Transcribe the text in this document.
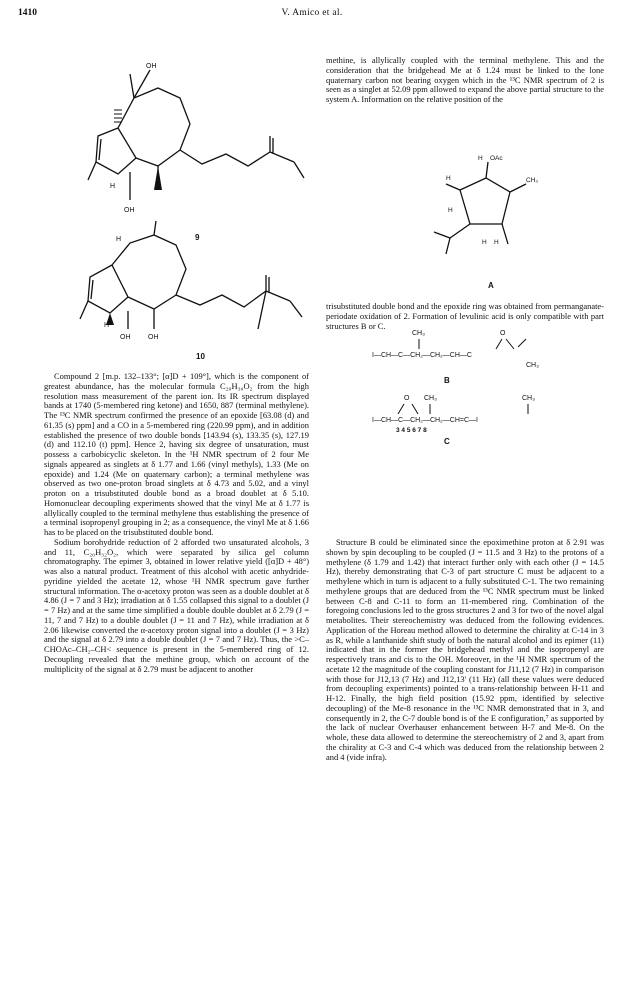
1410	V. Amico et al.
OH
H
OH
9
H
H
OH	OH
10
H OAc
H	CH₃
H
H H
A
CH₃	O
I—CH—C—CH₂—CH₂—CH—C
CH₃
B
O CH₃	CH₃
I—CH—C—CH₂—CH₂—CH=C—I
3 4 5 6 7 8
C

methine, is allylically coupled with the terminal methylene. This and the consideration that the bridgehead Me at δ 1.24 must be linked to the lone quaternary carbon not bearing oxygen which in the ¹³C NMR spectrum of 2 is seen as a singlet at 52.09 ppm allowed to expand the above partial structure to the system A. Information on the relative position of the

trisubstituted double bond and the epoxide ring was obtained from permanganate-periodate oxidation of 2. Formation of levulinic acid is only compatible with part structures B or C.

Compound 2 [m.p. 132–133°; [α]D + 109°], which is the component of greatest abundance, has the molecular formula C₂₀H₃₀O₂ from the high resolution mass measurement of the parent ion. Its IR spectrum displayed bands at 1740 (5-membered ring ketone) and 1650, 887 (terminal methylene). The ¹³C NMR spectrum confirmed the presence of an epoxide [63.08 (d) and 61.35 (s) ppm] and a CO in a 5-membered ring (220.99 ppm), and in addition established the presence of two double bonds [143.94 (s), 133.35 (s), 127.19 (d) and 112.10 (t) ppm]. Hence 2, having six degree of unsaturation, must possess a carbobicyclic skeleton. In the ¹H NMR spectrum of 2 four Me signals appeared as singlets at δ 1.77 and 1.66 (vinyl methyls), 1.33 (Me on epoxide) and 1.24 (Me on quaternary carbon); a terminal methylene was observed as two one-proton broad singlets at δ 4.73 and 5.02, and a vinyl proton on a trisubstituted double bond as a broad doublet at δ 5.10. Homonuclear decoupling experiments showed that the vinyl Me at δ 1.77 is allylically coupled to the terminal methylene thus establishing the presence of a terminal isopropenyl grouping in 2; as a consequence, the vinyl Me at δ 1.66 has to be placed on the trisubstituted double bond.

Sodium borohydride reduction of 2 afforded two unsaturated alcohols, 3 and 11, C₂₀H₃₂O₂, which were separated by silica gel column chromatography. The epimer 3, obtained in lower relative yield ([α]D + 48°) was also a natural product. Treatment of this alcohol with acetic anhydride-pyridine yielded the acetate 12, whose ¹H NMR spectrum gave further structural information. The α-acetoxy proton was seen as a double doublet at δ 4.86 (J = 7 and 3 Hz); irradiation at δ 1.55 collapsed this signal to a doublet (J = 7 Hz) and at the same time simplified a double double doublet at δ 2.79 (J = 11, 7 and 7 Hz) to a double doublet (J = 11 and 7 Hz), while irradiation at δ 2.06 likewise converted the α-acetoxy proton signal into a doublet (J = 3 Hz) and the signal at δ 2.79 into a double doublet (J = 7 and 7 Hz). Thus, the >C–CHOAc–CH₂–CH< sequence is present in the 5-membered ring of 12. Decoupling revealed that the methine group, which on account of the multiplicity of the signal at δ 2.79 must be adjacent to another

Structure B could be eliminated since the epoximethine proton at δ 2.91 was shown by spin decoupling to be coupled (J = 11.5 and 3 Hz) to the protons of a methylene (δ 1.79 and 1.42) that interact further only with each other (J = 14.5 Hz), thereby demonstrating that C-3 of part structure C must be adjacent to a methylene which in turn is adjacent to a fully substituted C-1. The two remaining methylene groups that are deduced from the ¹³C NMR spectrum must be linked between C-8 and C-11 to form an 11-membered ring. Combination of the foregoing conclusions led to the gross structures 2 and 3 for two of the novel algal metabolites. Their stereochemistry was deduced from the following evidences. Application of the Horeau method allowed to determine the chirality at C-14 in 3 as R, while a lanthanide shift study of both the natural alcohol and its epimer (11) indicated that in the former the bridgehead methyl and the isopropenyl are respectively trans and cis to the OH. Moreover, in the ¹H NMR spectrum of the acetate 12 the magnitude of the coupling constant for J11,12 (7 Hz) in comparison with those for J12,13 (7 Hz) and J12,13' (11 Hz) (all these values were deduced from decoupling experiments) pointed to a trans-relationship between H-11 and H-12. Finally, the high field position (15.92 ppm, identified by selective decoupling) of the Me-8 resonance in the ¹³C NMR demonstrated that in 3, and consequently in 2, the C-7 double bond is of the E configuration,⁷ as supported by the lack of nuclear Overhauser enhancement between H-7 and Me-8. On the whole, these data allowed to determine the stereochemistry of 2 and 3, apart from the chirality at C-3 and C-4 which was deduced from the relationship between 2 and 4 (vide infra).
